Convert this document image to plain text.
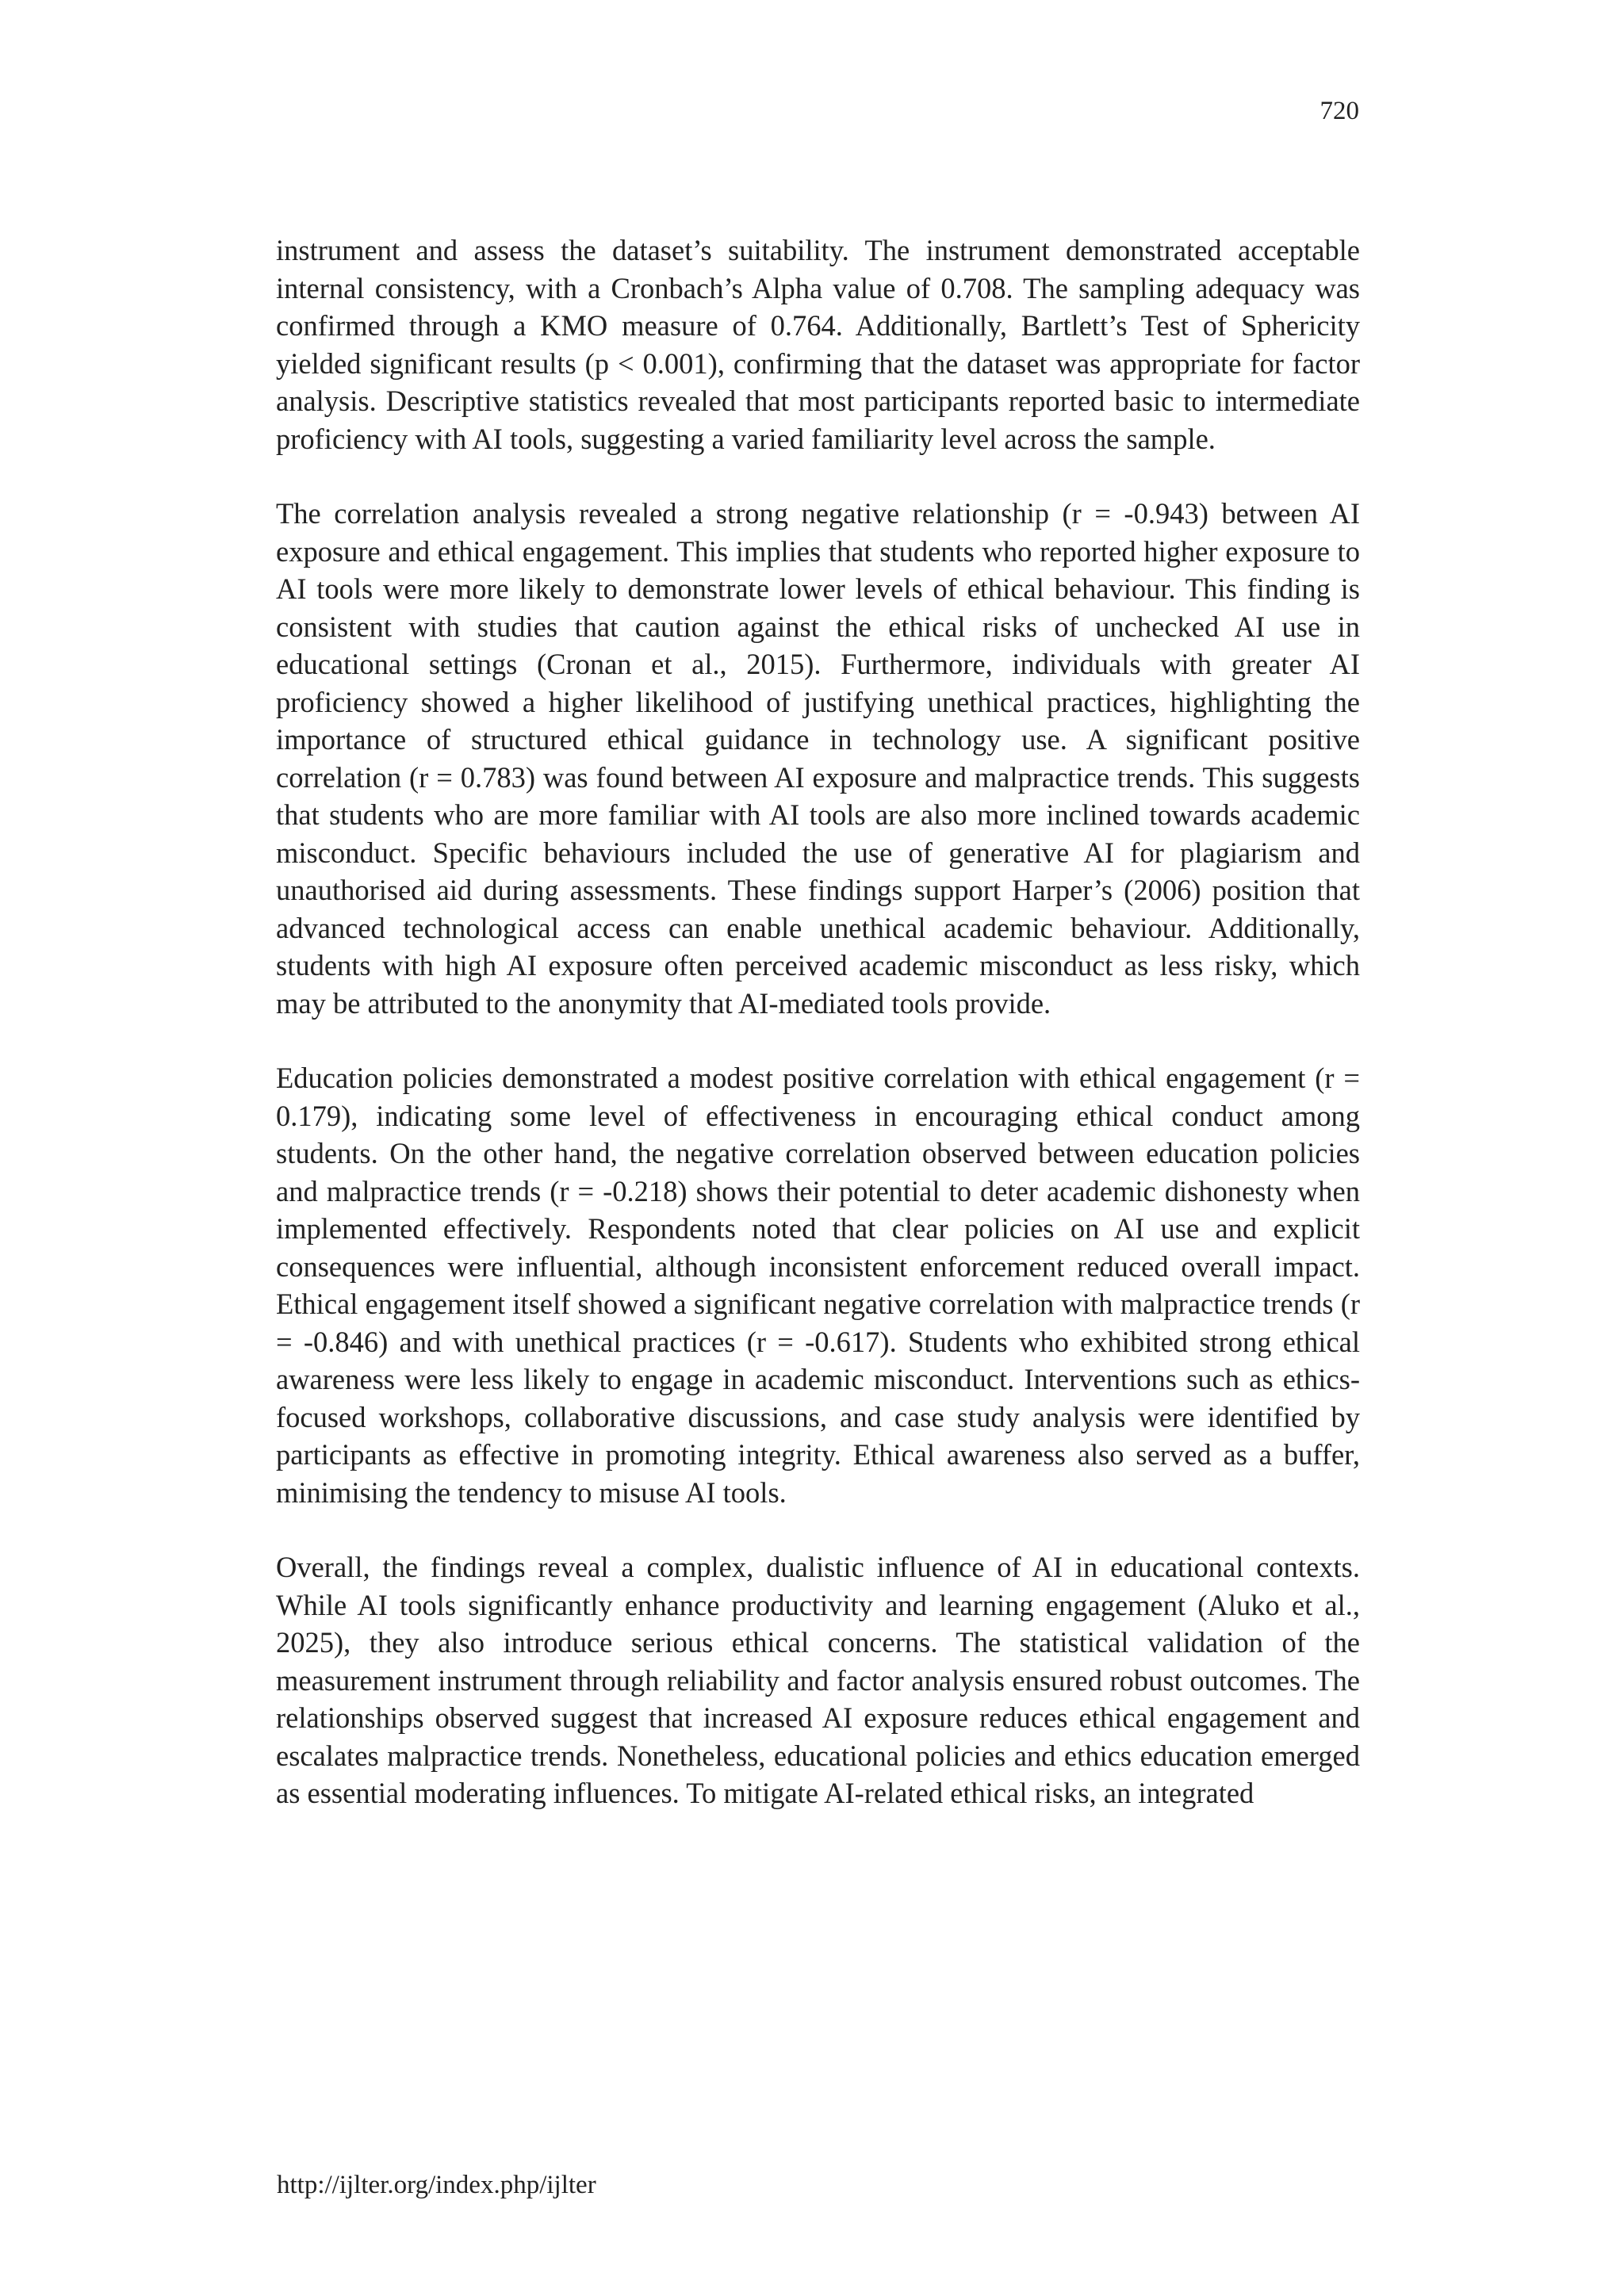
720

instrument and assess the dataset’s suitability. The instrument demonstrated acceptable internal consistency, with a Cronbach’s Alpha value of 0.708. The sampling adequacy was confirmed through a KMO measure of 0.764. Additionally, Bartlett’s Test of Sphericity yielded significant results (p < 0.001), confirming that the dataset was appropriate for factor analysis. Descriptive statistics revealed that most participants reported basic to intermediate proficiency with AI tools, suggesting a varied familiarity level across the sample.

The correlation analysis revealed a strong negative relationship (r = -0.943) between AI exposure and ethical engagement. This implies that students who reported higher exposure to AI tools were more likely to demonstrate lower levels of ethical behaviour. This finding is consistent with studies that caution against the ethical risks of unchecked AI use in educational settings (Cronan et al., 2015). Furthermore, individuals with greater AI proficiency showed a higher likelihood of justifying unethical practices, highlighting the importance of structured ethical guidance in technology use. A significant positive correlation (r = 0.783) was found between AI exposure and malpractice trends. This suggests that students who are more familiar with AI tools are also more inclined towards academic misconduct. Specific behaviours included the use of generative AI for plagiarism and unauthorised aid during assessments. These findings support Harper’s (2006) position that advanced technological access can enable unethical academic behaviour. Additionally, students with high AI exposure often perceived academic misconduct as less risky, which may be attributed to the anonymity that AI-mediated tools provide.

Education policies demonstrated a modest positive correlation with ethical engagement (r = 0.179), indicating some level of effectiveness in encouraging ethical conduct among students. On the other hand, the negative correlation observed between education policies and malpractice trends (r = -0.218) shows their potential to deter academic dishonesty when implemented effectively. Respondents noted that clear policies on AI use and explicit consequences were influential, although inconsistent enforcement reduced overall impact. Ethical engagement itself showed a significant negative correlation with malpractice trends (r = -0.846) and with unethical practices (r = -0.617). Students who exhibited strong ethical awareness were less likely to engage in academic misconduct. Interventions such as ethics-focused workshops, collaborative discussions, and case study analysis were identified by participants as effective in promoting integrity. Ethical awareness also served as a buffer, minimising the tendency to misuse AI tools.

Overall, the findings reveal a complex, dualistic influence of AI in educational contexts. While AI tools significantly enhance productivity and learning engagement (Aluko et al., 2025), they also introduce serious ethical concerns. The statistical validation of the measurement instrument through reliability and factor analysis ensured robust outcomes. The relationships observed suggest that increased AI exposure reduces ethical engagement and escalates malpractice trends. Nonetheless, educational policies and ethics education emerged as essential moderating influences. To mitigate AI-related ethical risks, an integrated

http://ijlter.org/index.php/ijlter
